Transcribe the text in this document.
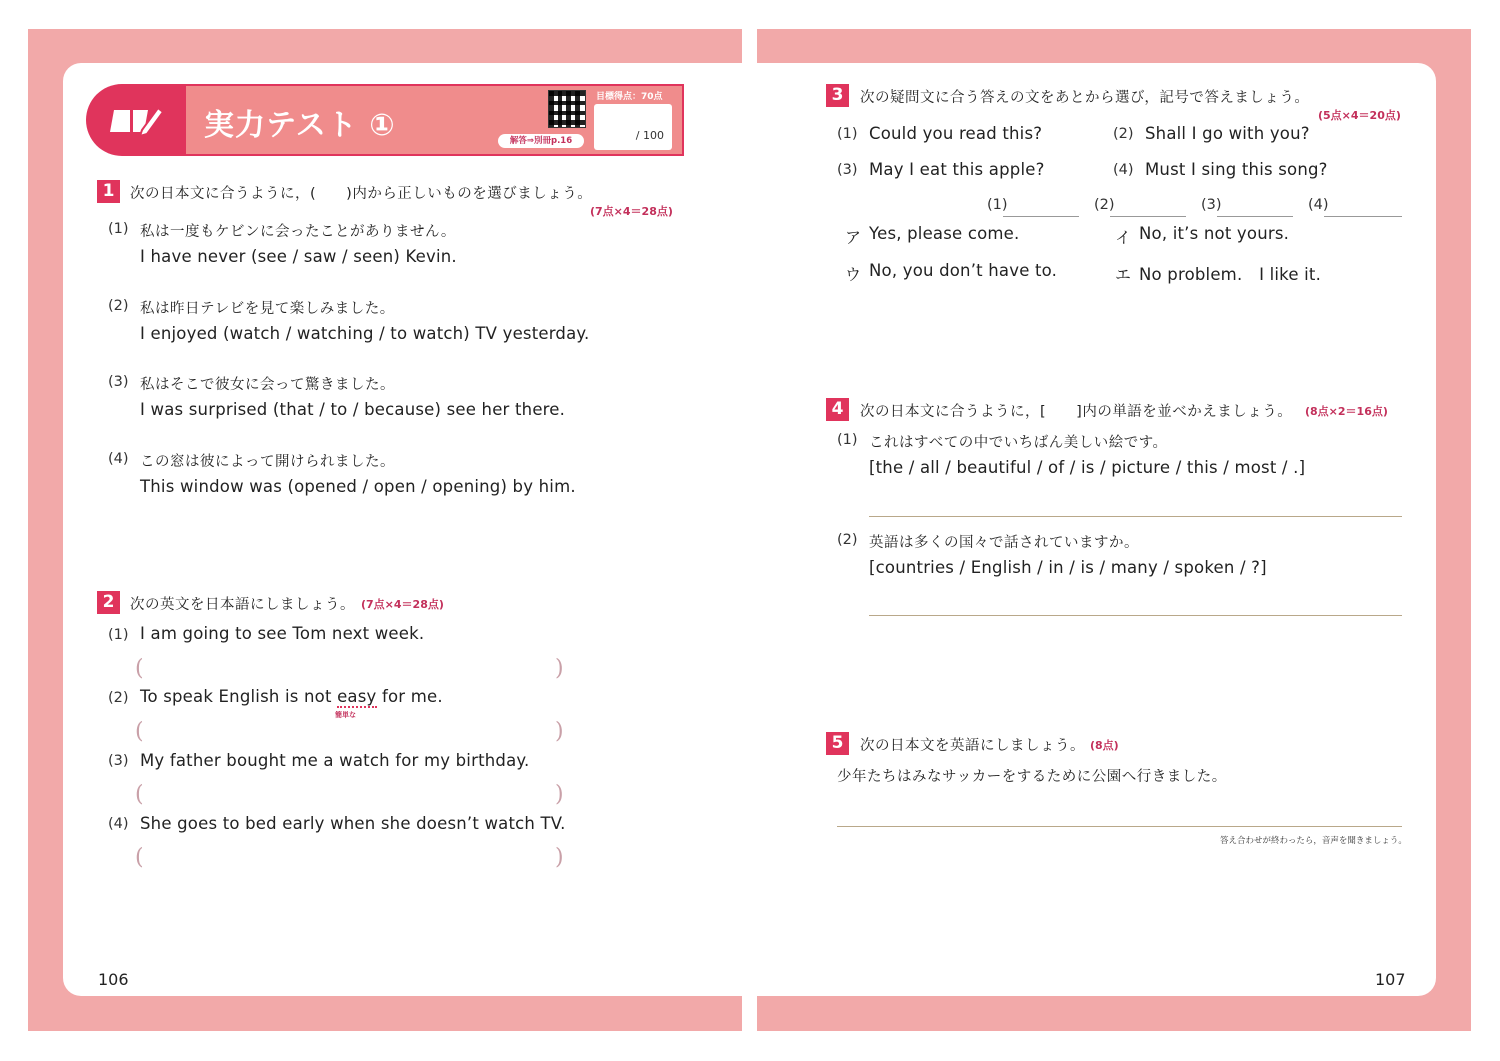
実力テスト ①	解答⇒別冊p.16
目標得点：70点
/ 100
1	次の日本文に合うように，(　　)内から正しいものを選びましょう。
(7点×4＝28点)
(1) 私は一度もケビンに会ったことがありません。
I have never (see / saw / seen) Kevin.
(2) 私は昨日テレビを見て楽しみました。
I enjoyed (watch / watching / to watch) TV yesterday.
(3) 私はそこで彼女に会って驚きました。
I was surprised (that / to / because) see her there.
(4) この窓は彼によって開けられました。
This window was (opened / open / opening) by him.
2	次の英文を日本語にしましょう。 (7点×4＝28点)
(1) I am going to see Tom next week.
(	)
(2) To speak English is not easy for me.
簡単な
(	)
(3) My father bought me a watch for my birthday.
(	)
(4) She goes to bed early when she doesn’t watch TV.
(	)
106
3	次の疑問文に合う答えの文をあとから選び，記号で答えましょう。
(5点×4＝20点)
(1) Could you read this?	(2) Shall I go with you?
(3) May I eat this apple?	(4) Must I sing this song?
(1)	(2)	(3)	(4)
ア Yes, please come.	イ No, it’s not yours.
ウ No, you don’t have to.	エ No problem.　I like it.
4	次の日本文に合うように，[　　]内の単語を並べかえましょう。 (8点×2＝16点)
(1) これはすべての中でいちばん美しい絵です。
[the / all / beautiful / of / is / picture / this / most / .]
(2) 英語は多くの国々で話されていますか。
[countries / English / in / is / many / spoken / ?]
5	次の日本文を英語にしましょう。 (8点)
少年たちはみなサッカーをするために公園へ行きました。
答え合わせが終わったら，音声を聞きましょう。
107
